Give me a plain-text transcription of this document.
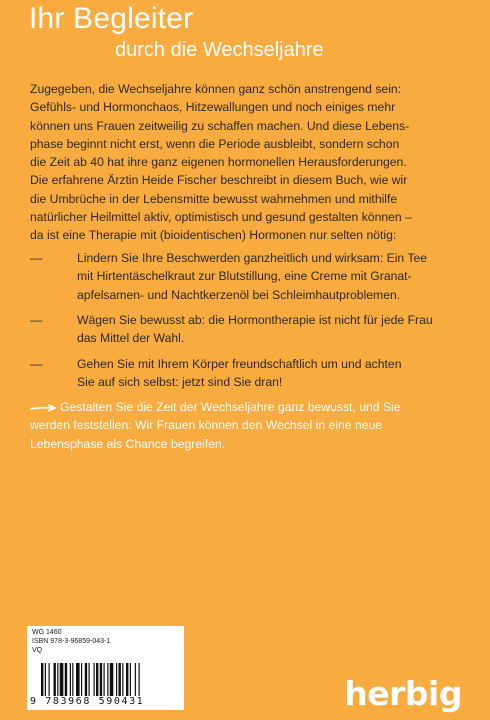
Ihr Begleiter
durch die Wechseljahre
Zugegeben, die Wechseljahre können ganz schön anstrengend sein:
Gefühls- und Hormonchaos, Hitzewallungen und noch einiges mehr
können uns Frauen zeitweilig zu schaffen machen. Und diese Lebens-
phase beginnt nicht erst, wenn die Periode ausbleibt, sondern schon
die Zeit ab 40 hat ihre ganz eigenen hormonellen Herausforderungen.
Die erfahrene Ärztin Heide Fischer beschreibt in diesem Buch, wie wir
die Umbrüche in der Lebensmitte bewusst wahrnehmen und mithilfe
natürlicher Heilmittel aktiv, optimistisch und gesund gestalten können –
da ist eine Therapie mit (bioidentischen) Hormonen nur selten nötig:
—	Lindern Sie Ihre Beschwerden ganzheitlich und wirksam: Ein Tee
mit Hirtentäschelkraut zur Blutstillung, eine Creme mit Granat-
apfelsamen- und Nachtkerzenöl bei Schleimhautproblemen.
—	Wägen Sie bewusst ab: die Hormontherapie ist nicht für jede Frau
das Mittel der Wahl.
—	Gehen Sie mit Ihrem Körper freundschaftlich um und achten
Sie auf sich selbst: jetzt sind Sie dran!
Gestalten Sie die Zeit der Wechseljahre ganz bewusst, und Sie
werden feststellen: Wir Frauen können den Wechsel in eine neue
Lebensphase als Chance begreifen.
WG 1460
ISBN 978-3-96859-043-1
VQ
9 783968 590431	herbig
